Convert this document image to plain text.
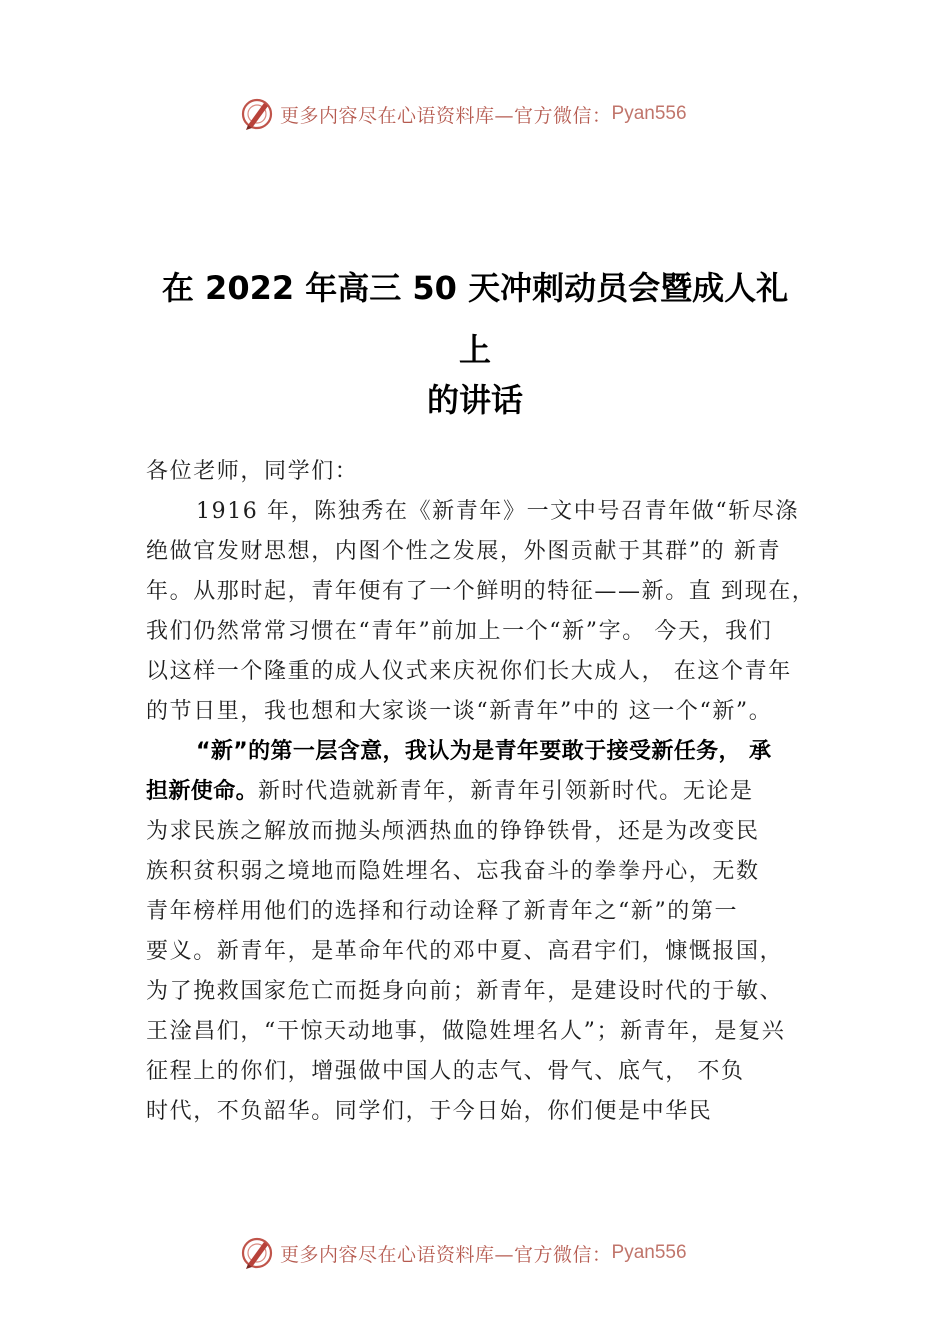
更多内容尽在心语资料库—官方微信： Pyan556
在 2022 年高三 50 天冲刺动员会暨成人礼
上
的讲话
各位老师，同学们：
1916 年，陈独秀在《新青年》一文中号召青年做“斩尽涤
绝做官发财思想，内图个性之发展，外图贡献于其群”的 新青
年。从那时起，青年便有了一个鲜明的特征——新。直 到现在，
我们仍然常常习惯在“青年”前加上一个“新”字。 今天，我们
以这样一个隆重的成人仪式来庆祝你们长大成人， 在这个青年
的节日里，我也想和大家谈一谈“新青年”中的 这一个“新”。
“新”的第一层含意，我认为是青年要敢于接受新任务， 承
担新使命。新时代造就新青年，新青年引领新时代。无论是
为求民族之解放而抛头颅洒热血的铮铮铁骨，还是为改变民
族积贫积弱之境地而隐姓埋名、忘我奋斗的拳拳丹心，无数
青年榜样用他们的选择和行动诠释了新青年之“新”的第一
要义。新青年，是革命年代的邓中夏、高君宇们，慷慨报国，
为了挽救国家危亡而挺身向前；新青年，是建设时代的于敏、
王淦昌们，“干惊天动地事，做隐姓埋名人”；新青年，是复兴
征程上的你们，增强做中国人的志气、骨气、底气， 不负
时代，不负韶华。同学们，于今日始，你们便是中华民
更多内容尽在心语资料库—官方微信： Pyan556
